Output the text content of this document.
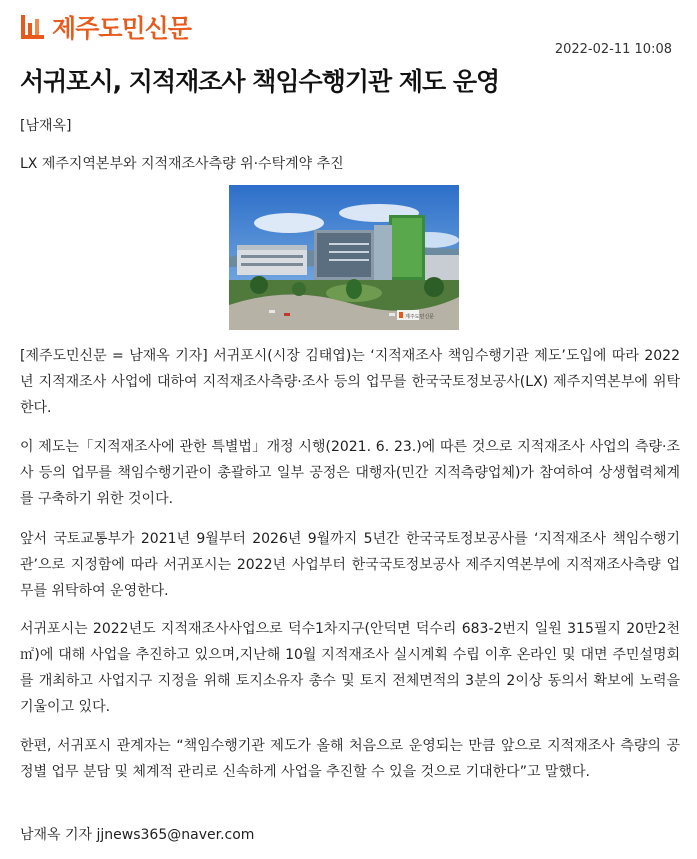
제주도민신문
2022-02-11 10:08
서귀포시, 지적재조사 책임수행기관 제도 운영
[남재옥]
LX 제주지역본부와 지적재조사측량 위·수탁계약 추진
제주도민신문

[제주도민신문 = 남재옥 기자] 서귀포시(시장 김태엽)는 ‘지적재조사 책임수행기관 제도’도입에 따라 2022년 지적재조사 사업에 대하여 지적재조사측량·조사 등의 업무를 한국국토정보공사(LX) 제주지역본부에 위탁한다.

이 제도는「지적재조사에 관한 특별법」개정 시행(2021. 6. 23.)에 따른 것으로 지적재조사 사업의 측량·조사 등의 업무를 책임수행기관이 총괄하고 일부 공정은 대행자(민간 지적측량업체)가 참여하여 상생협력체계를 구축하기 위한 것이다.

앞서 국토교통부가 2021년 9월부터 2026년 9월까지 5년간 한국국토정보공사를 ‘지적재조사 책임수행기관’으로 지정함에 따라 서귀포시는 2022년 사업부터 한국국토정보공사 제주지역본부에 지적재조사측량 업무를 위탁하여 운영한다.

서귀포시는 2022년도 지적재조사사업으로 덕수1차지구(안덕면 덕수리 683-2번지 일원 315필지 20만2천㎡)에 대해 사업을 추진하고 있으며,지난해 10월 지적재조사 실시계획 수립 이후 온라인 및 대면 주민설명회를 개최하고 사업지구 지정을 위해 토지소유자 총수 및 토지 전체면적의 3분의 2이상 동의서 확보에 노력을 기울이고 있다.

한편, 서귀포시 관계자는 “책임수행기관 제도가 올해 처음으로 운영되는 만큼 앞으로 지적재조사 측량의 공정별 업무 분담 및 체계적 관리로 신속하게 사업을 추진할 수 있을 것으로 기대한다”고 말했다.

남재옥 기자 jjnews365@naver.com
